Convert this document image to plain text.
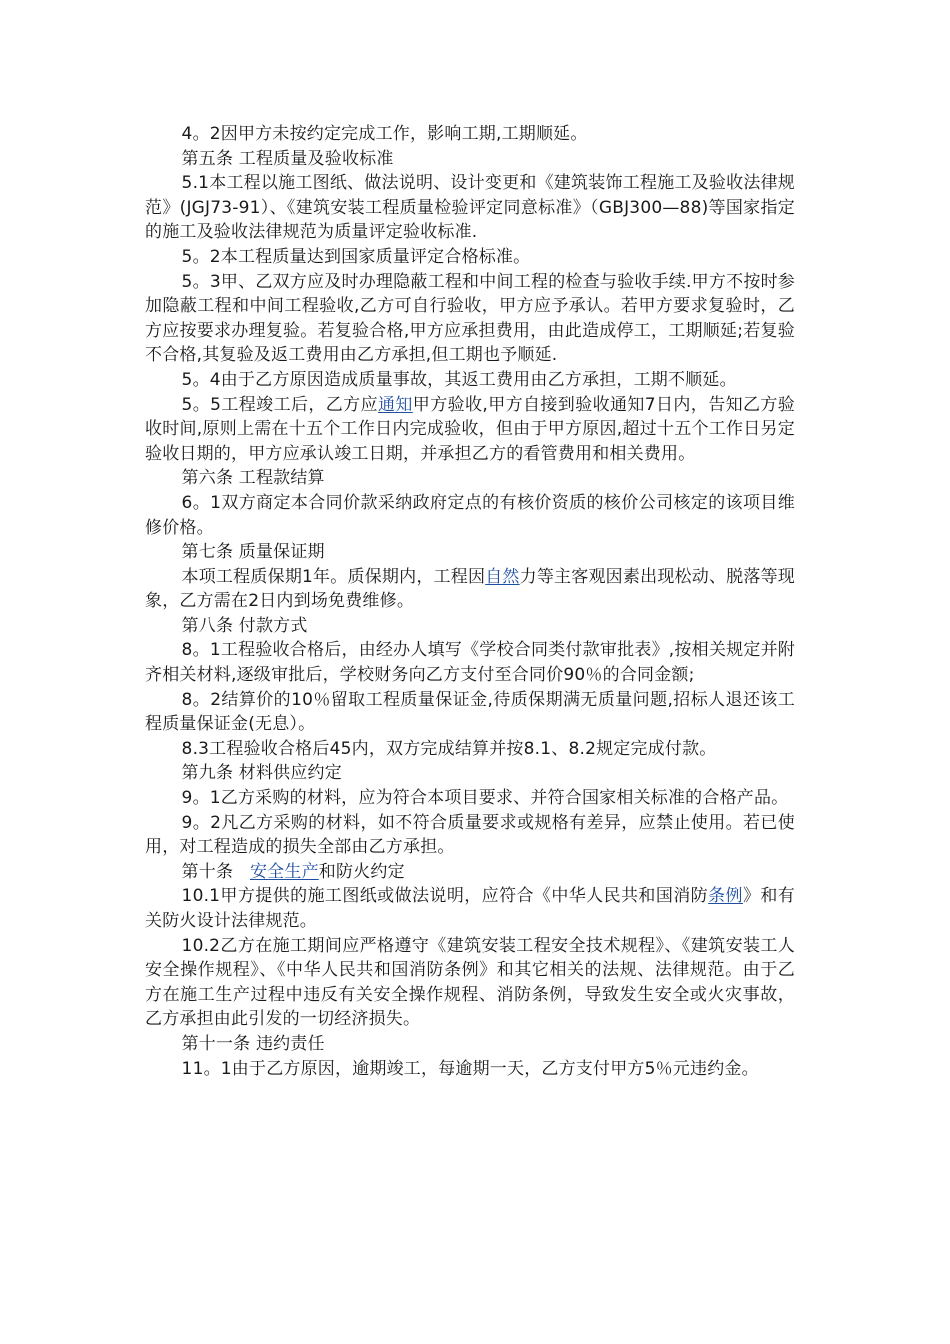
4。2因甲方未按约定完成工作，影响工期,工期顺延。

第五条 工程质量及验收标准

5.1本工程以施工图纸、做法说明、设计变更和《建筑装饰工程施工及验收法律规范》(JGJ73-91）、《建筑安装工程质量检验评定同意标准》（GBJ300—88)等国家指定的施工及验收法律规范为质量评定验收标准.

5。2本工程质量达到国家质量评定合格标准。

5。3甲、乙双方应及时办理隐蔽工程和中间工程的检查与验收手续.甲方不按时参加隐蔽工程和中间工程验收,乙方可自行验收，甲方应予承认。若甲方要求复验时，乙方应按要求办理复验。若复验合格,甲方应承担费用，由此造成停工，工期顺延;若复验不合格,其复验及返工费用由乙方承担,但工期也予顺延.

5。4由于乙方原因造成质量事故，其返工费用由乙方承担，工期不顺延。

5。5工程竣工后，乙方应通知甲方验收,甲方自接到验收通知7日内，告知乙方验收时间,原则上需在十五个工作日内完成验收，但由于甲方原因,超过十五个工作日另定验收日期的，甲方应承认竣工日期，并承担乙方的看管费用和相关费用。

第六条 工程款结算

6。1双方商定本合同价款采纳政府定点的有核价资质的核价公司核定的该项目维修价格。

第七条 质量保证期

本项工程质保期1年。质保期内，工程因自然力等主客观因素出现松动、脱落等现象，乙方需在2日内到场免费维修。

第八条 付款方式

8。1工程验收合格后，由经办人填写《学校合同类付款审批表》,按相关规定并附齐相关材料,逐级审批后，学校财务向乙方支付至合同价90％的合同金额;

8。2结算价的10％留取工程质量保证金,待质保期满无质量问题,招标人退还该工程质量保证金(无息）。

8.3工程验收合格后45内，双方完成结算并按8.1、8.2规定完成付款。

第九条 材料供应约定

9。1乙方采购的材料，应为符合本项目要求、并符合国家相关标准的合格产品。

9。2凡乙方采购的材料，如不符合质量要求或规格有差异，应禁止使用。若已使用，对工程造成的损失全部由乙方承担。

第十条   安全生产和防火约定

10.1甲方提供的施工图纸或做法说明，应符合《中华人民共和国消防条例》和有关防火设计法律规范。

10.2乙方在施工期间应严格遵守《建筑安装工程安全技术规程》、《建筑安装工人安全操作规程》、《中华人民共和国消防条例》和其它相关的法规、法律规范。由于乙方在施工生产过程中违反有关安全操作规程、消防条例，导致发生安全或火灾事故，乙方承担由此引发的一切经济损失。

第十一条 违约责任

11。1由于乙方原因，逾期竣工，每逾期一天，乙方支付甲方5％元违约金。
